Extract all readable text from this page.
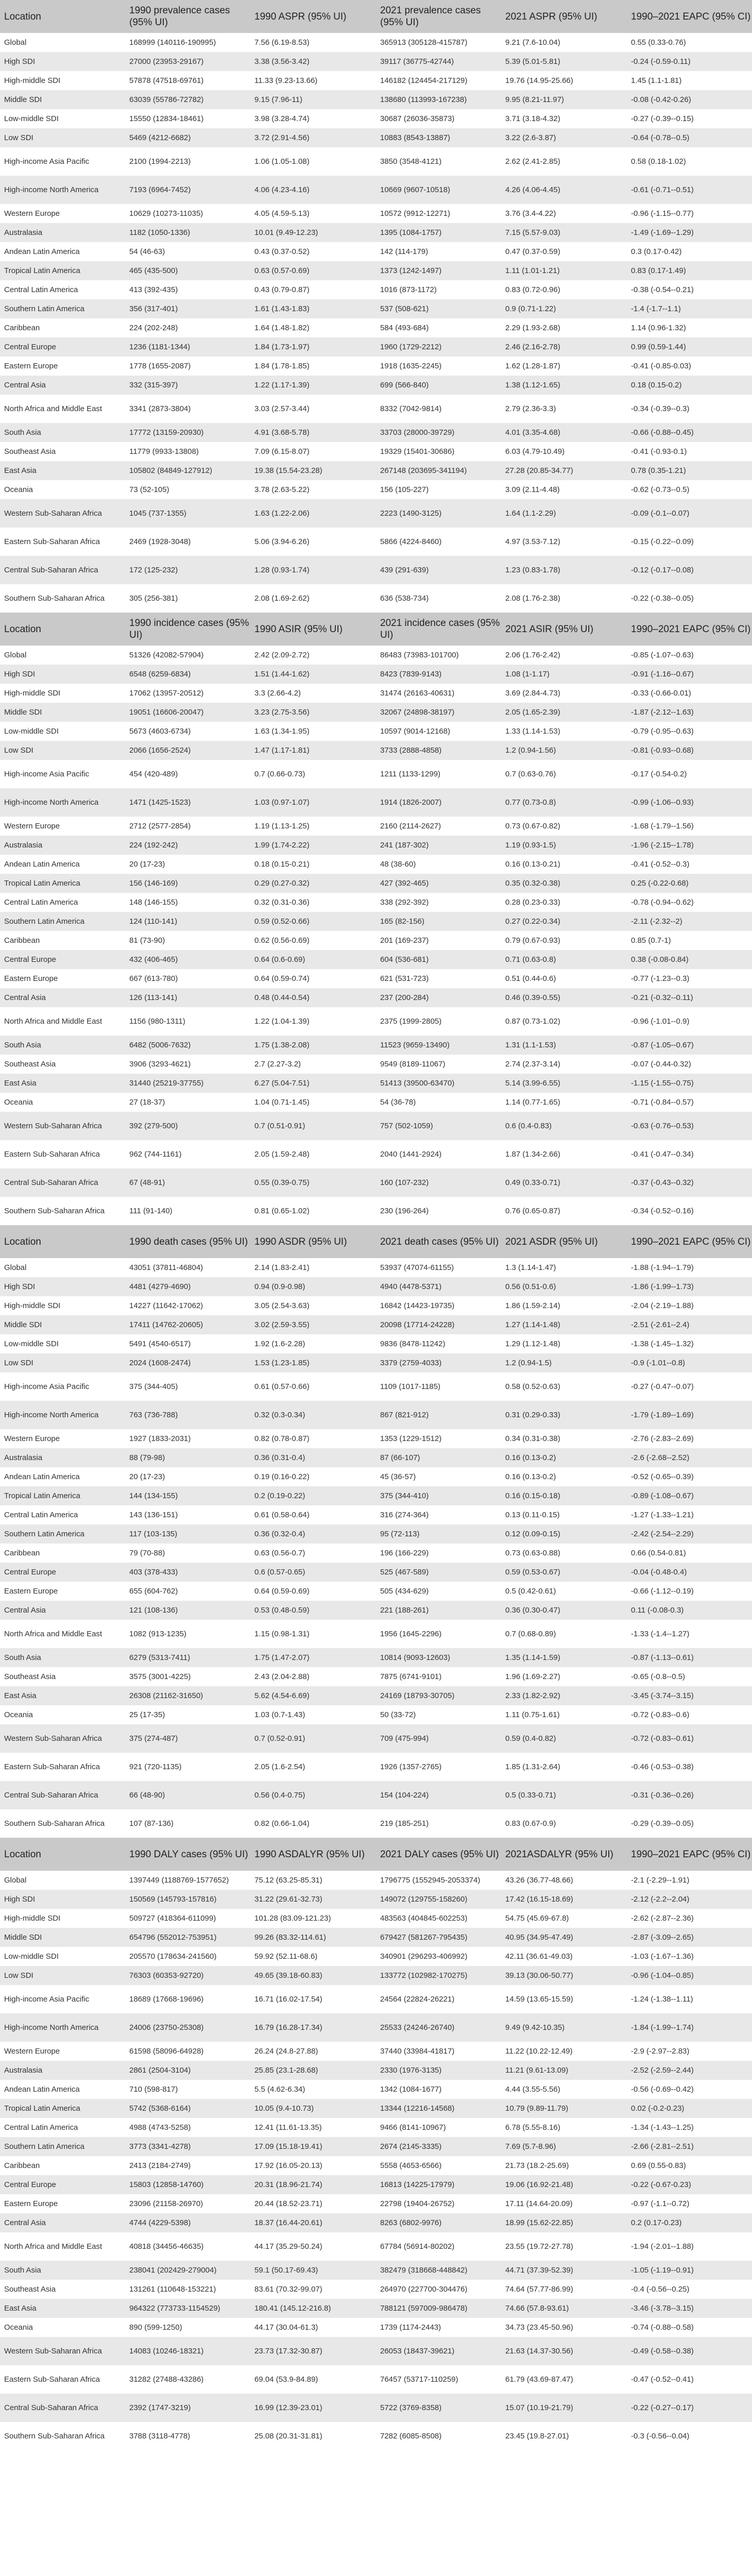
Location	1990 prevalence cases (95% UI)	1990 ASPR (95% UI)	2021 prevalence cases (95% UI)	2021 ASPR (95% UI)	1990–2021 EAPC (95% CI)
Global	168999 (140116-190995)	7.56 (6.19-8.53)	365913 (305128-415787)	9.21 (7.6-10.04)	0.55 (0.33-0.76)
High SDI	27000 (23953-29167)	3.38 (3.56-3.42)	39117 (36775-42744)	5.39 (5.01-5.81)	-0.24 (-0.59-0.11)
High-middle SDI	57878 (47518-69761)	11.33 (9.23-13.66)	146182 (124454-217129)	19.76 (14.95-25.66)	1.45 (1.1-1.81)
Middle SDI	63039 (55786-72782)	9.15 (7.96-11)	138680 (113993-167238)	9.95 (8.21-11.97)	-0.08 (-0.42-0.26)
Low-middle SDI	15550 (12834-18461)	3.98 (3.28-4.74)	30687 (26036-35873)	3.71 (3.18-4.32)	-0.27 (-0.39--0.15)
Low SDI	5469 (4212-6682)	3.72 (2.91-4.56)	10883 (8543-13887)	3.22 (2.6-3.87)	-0.64 (-0.78--0.5)
High-income Asia Pacific	2100 (1994-2213)	1.06 (1.05-1.08)	3850 (3548-4121)	2.62 (2.41-2.85)	0.58 (0.18-1.02)
High-income North America	7193 (6964-7452)	4.06 (4.23-4.16)	10669 (9607-10518)	4.26 (4.06-4.45)	-0.61 (-0.71--0.51)
Western Europe	10629 (10273-11035)	4.05 (4.59-5.13)	10572 (9912-12271)	3.76 (3.4-4.22)	-0.96 (-1.15--0.77)
Australasia	1182 (1050-1336)	10.01 (9.49-12.23)	1395 (1084-1757)	7.15 (5.57-9.03)	-1.49 (-1.69--1.29)
Andean Latin America	54 (46-63)	0.43 (0.37-0.52)	142 (114-179)	0.47 (0.37-0.59)	0.3 (0.17-0.42)
Tropical Latin America	465 (435-500)	0.63 (0.57-0.69)	1373 (1242-1497)	1.11 (1.01-1.21)	0.83 (0.17-1.49)
Central Latin America	413 (392-435)	0.43 (0.79-0.87)	1016 (873-1172)	0.83 (0.72-0.96)	-0.38 (-0.54--0.21)
Southern Latin America	356 (317-401)	1.61 (1.43-1.83)	537 (508-621)	0.9 (0.71-1.22)	-1.4 (-1.7--1.1)
Caribbean	224 (202-248)	1.64 (1.48-1.82)	584 (493-684)	2.29 (1.93-2.68)	1.14 (0.96-1.32)
Central Europe	1236 (1181-1344)	1.84 (1.73-1.97)	1960 (1729-2212)	2.46 (2.16-2.78)	0.99 (0.59-1.44)
Eastern Europe	1778 (1655-2087)	1.84 (1.78-1.85)	1918 (1635-2245)	1.62 (1.28-1.87)	-0.41 (-0.85-0.03)
Central Asia	332 (315-397)	1.22 (1.17-1.39)	699 (566-840)	1.38 (1.12-1.65)	0.18 (0.15-0.2)
North Africa and Middle East	3341 (2873-3804)	3.03 (2.57-3.44)	8332 (7042-9814)	2.79 (2.36-3.3)	-0.34 (-0.39--0.3)
South Asia	17772 (13159-20930)	4.91 (3.68-5.78)	33703 (28000-39729)	4.01 (3.35-4.68)	-0.66 (-0.88--0.45)
Southeast Asia	11779 (9933-13808)	7.09 (6.15-8.07)	19329 (15401-30686)	6.03 (4.79-10.49)	-0.41 (-0.93-0.1)
East Asia	105802 (84849-127912)	19.38 (15.54-23.28)	267148 (203695-341194)	27.28 (20.85-34.77)	0.78 (0.35-1.21)
Oceania	73 (52-105)	3.78 (2.63-5.22)	156 (105-227)	3.09 (2.11-4.48)	-0.62 (-0.73--0.5)
Western Sub-Saharan Africa	1045 (737-1355)	1.63 (1.22-2.06)	2223 (1490-3125)	1.64 (1.1-2.29)	-0.09 (-0.1--0.07)
Eastern Sub-Saharan Africa	2469 (1928-3048)	5.06 (3.94-6.26)	5866 (4224-8460)	4.97 (3.53-7.12)	-0.15 (-0.22--0.09)
Central Sub-Saharan Africa	172 (125-232)	1.28 (0.93-1.74)	439 (291-639)	1.23 (0.83-1.78)	-0.12 (-0.17--0.08)
Southern Sub-Saharan Africa	305 (256-381)	2.08 (1.69-2.62)	636 (538-734)	2.08 (1.76-2.38)	-0.22 (-0.38--0.05)
Location	1990 incidence cases (95% UI)	1990 ASIR (95% UI)	2021 incidence cases (95% UI)	2021 ASIR (95% UI)	1990–2021 EAPC (95% CI)
Global	51326 (42082-57904)	2.42 (2.09-2.72)	86483 (73983-101700)	2.06 (1.76-2.42)	-0.85 (-1.07--0.63)
High SDI	6548 (6259-6834)	1.51 (1.44-1.62)	8423 (7839-9143)	1.08 (1-1.17)	-0.91 (-1.16--0.67)
High-middle SDI	17062 (13957-20512)	3.3 (2.66-4.2)	31474 (26163-40631)	3.69 (2.84-4.73)	-0.33 (-0.66-0.01)
Middle SDI	19051 (16606-20047)	3.23 (2.75-3.56)	32067 (24898-38197)	2.05 (1.65-2.39)	-1.87 (-2.12--1.63)
Low-middle SDI	5673 (4603-6734)	1.63 (1.34-1.95)	10597 (9014-12168)	1.33 (1.14-1.53)	-0.79 (-0.95--0.63)
Low SDI	2066 (1656-2524)	1.47 (1.17-1.81)	3733 (2888-4858)	1.2 (0.94-1.56)	-0.81 (-0.93--0.68)
High-income Asia Pacific	454 (420-489)	0.7 (0.66-0.73)	1211 (1133-1299)	0.7 (0.63-0.76)	-0.17 (-0.54-0.2)
High-income North America	1471 (1425-1523)	1.03 (0.97-1.07)	1914 (1826-2007)	0.77 (0.73-0.8)	-0.99 (-1.06--0.93)
Western Europe	2712 (2577-2854)	1.19 (1.13-1.25)	2160 (2114-2627)	0.73 (0.67-0.82)	-1.68 (-1.79--1.56)
Australasia	224 (192-242)	1.99 (1.74-2.22)	241 (187-302)	1.19 (0.93-1.5)	-1.96 (-2.15--1.78)
Andean Latin America	20 (17-23)	0.18 (0.15-0.21)	48 (38-60)	0.16 (0.13-0.21)	-0.41 (-0.52--0.3)
Tropical Latin America	156 (146-169)	0.29 (0.27-0.32)	427 (392-465)	0.35 (0.32-0.38)	0.25 (-0.22-0.68)
Central Latin America	148 (146-155)	0.32 (0.31-0.36)	338 (292-392)	0.28 (0.23-0.33)	-0.78 (-0.94--0.62)
Southern Latin America	124 (110-141)	0.59 (0.52-0.66)	165 (82-156)	0.27 (0.22-0.34)	-2.11 (-2.32--2)
Caribbean	81 (73-90)	0.62 (0.56-0.69)	201 (169-237)	0.79 (0.67-0.93)	0.85 (0.7-1)
Central Europe	432 (406-465)	0.64 (0.6-0.69)	604 (536-681)	0.71 (0.63-0.8)	0.38 (-0.08-0.84)
Eastern Europe	667 (613-780)	0.64 (0.59-0.74)	621 (531-723)	0.51 (0.44-0.6)	-0.77 (-1.23--0.3)
Central Asia	126 (113-141)	0.48 (0.44-0.54)	237 (200-284)	0.46 (0.39-0.55)	-0.21 (-0.32--0.11)
North Africa and Middle East	1156 (980-1311)	1.22 (1.04-1.39)	2375 (1999-2805)	0.87 (0.73-1.02)	-0.96 (-1.01--0.9)
South Asia	6482 (5006-7632)	1.75 (1.38-2.08)	11523 (9659-13490)	1.31 (1.1-1.53)	-0.87 (-1.05--0.67)
Southeast Asia	3906 (3293-4621)	2.7 (2.27-3.2)	9549 (8189-11067)	2.74 (2.37-3.14)	-0.07 (-0.44-0.32)
East Asia	31440 (25219-37755)	6.27 (5.04-7.51)	51413 (39500-63470)	5.14 (3.99-6.55)	-1.15 (-1.55--0.75)
Oceania	27 (18-37)	1.04 (0.71-1.45)	54 (36-78)	1.14 (0.77-1.65)	-0.71 (-0.84--0.57)
Western Sub-Saharan Africa	392 (279-500)	0.7 (0.51-0.91)	757 (502-1059)	0.6 (0.4-0.83)	-0.63 (-0.76--0.53)
Eastern Sub-Saharan Africa	962 (744-1161)	2.05 (1.59-2.48)	2040 (1441-2924)	1.87 (1.34-2.66)	-0.41 (-0.47--0.34)
Central Sub-Saharan Africa	67 (48-91)	0.55 (0.39-0.75)	160 (107-232)	0.49 (0.33-0.71)	-0.37 (-0.43--0.32)
Southern Sub-Saharan Africa	111 (91-140)	0.81 (0.65-1.02)	230 (196-264)	0.76 (0.65-0.87)	-0.34 (-0.52--0.16)
Location	1990 death cases (95% UI)	1990 ASDR (95% UI)	2021 death cases (95% UI)	2021 ASDR (95% UI)	1990–2021 EAPC (95% CI)
Global	43051 (37811-46804)	2.14 (1.83-2.41)	53937 (47074-61155)	1.3 (1.14-1.47)	-1.88 (-1.94--1.79)
High SDI	4481 (4279-4690)	0.94 (0.9-0.98)	4940 (4478-5371)	0.56 (0.51-0.6)	-1.86 (-1.99--1.73)
High-middle SDI	14227 (11642-17062)	3.05 (2.54-3.63)	16842 (14423-19735)	1.86 (1.59-2.14)	-2.04 (-2.19--1.88)
Middle SDI	17411 (14762-20605)	3.02 (2.59-3.55)	20098 (17714-24228)	1.27 (1.14-1.48)	-2.51 (-2.61--2.4)
Low-middle SDI	5491 (4540-6517)	1.92 (1.6-2.28)	9836 (8478-11242)	1.29 (1.12-1.48)	-1.38 (-1.45--1.32)
Low SDI	2024 (1608-2474)	1.53 (1.23-1.85)	3379 (2759-4033)	1.2 (0.94-1.5)	-0.9 (-1.01--0.8)
High-income Asia Pacific	375 (344-405)	0.61 (0.57-0.66)	1109 (1017-1185)	0.58 (0.52-0.63)	-0.27 (-0.47--0.07)
High-income North America	763 (736-788)	0.32 (0.3-0.34)	867 (821-912)	0.31 (0.29-0.33)	-1.79 (-1.89--1.69)
Western Europe	1927 (1833-2031)	0.82 (0.78-0.87)	1353 (1229-1512)	0.34 (0.31-0.38)	-2.76 (-2.83--2.69)
Australasia	88 (79-98)	0.36 (0.31-0.4)	87 (66-107)	0.16 (0.13-0.2)	-2.6 (-2.68--2.52)
Andean Latin America	20 (17-23)	0.19 (0.16-0.22)	45 (36-57)	0.16 (0.13-0.2)	-0.52 (-0.65--0.39)
Tropical Latin America	144 (134-155)	0.2 (0.19-0.22)	375 (344-410)	0.16 (0.15-0.18)	-0.89 (-1.08--0.67)
Central Latin America	143 (136-151)	0.61 (0.58-0.64)	316 (274-364)	0.13 (0.11-0.15)	-1.27 (-1.33--1.21)
Southern Latin America	117 (103-135)	0.36 (0.32-0.4)	95 (72-113)	0.12 (0.09-0.15)	-2.42 (-2.54--2.29)
Caribbean	79 (70-88)	0.63 (0.56-0.7)	196 (166-229)	0.73 (0.63-0.88)	0.66 (0.54-0.81)
Central Europe	403 (378-433)	0.6 (0.57-0.65)	525 (467-589)	0.59 (0.53-0.67)	-0.04 (-0.48-0.4)
Eastern Europe	655 (604-762)	0.64 (0.59-0.69)	505 (434-629)	0.5 (0.42-0.61)	-0.66 (-1.12--0.19)
Central Asia	121 (108-136)	0.53 (0.48-0.59)	221 (188-261)	0.36 (0.30-0.47)	0.11 (-0.08-0.3)
North Africa and Middle East	1082 (913-1235)	1.15 (0.98-1.31)	1956 (1645-2296)	0.7 (0.68-0.89)	-1.33 (-1.4--1.27)
South Asia	6279 (5313-7411)	1.75 (1.47-2.07)	10814 (9093-12603)	1.35 (1.14-1.59)	-0.87 (-1.13--0.61)
Southeast Asia	3575 (3001-4225)	2.43 (2.04-2.88)	7875 (6741-9101)	1.96 (1.69-2.27)	-0.65 (-0.8--0.5)
East Asia	26308 (21162-31650)	5.62 (4.54-6.69)	24169 (18793-30705)	2.33 (1.82-2.92)	-3.45 (-3.74--3.15)
Oceania	25 (17-35)	1.03 (0.7-1.43)	50 (33-72)	1.11 (0.75-1.61)	-0.72 (-0.83--0.6)
Western Sub-Saharan Africa	375 (274-487)	0.7 (0.52-0.91)	709 (475-994)	0.59 (0.4-0.82)	-0.72 (-0.83--0.61)
Eastern Sub-Saharan Africa	921 (720-1135)	2.05 (1.6-2.54)	1926 (1357-2765)	1.85 (1.31-2.64)	-0.46 (-0.53--0.38)
Central Sub-Saharan Africa	66 (48-90)	0.56 (0.4-0.75)	154 (104-224)	0.5 (0.33-0.71)	-0.31 (-0.36--0.26)
Southern Sub-Saharan Africa	107 (87-136)	0.82 (0.66-1.04)	219 (185-251)	0.83 (0.67-0.9)	-0.29 (-0.39--0.05)
Location	1990 DALY cases (95% UI)	1990 ASDALYR (95% UI)	2021 DALY cases (95% UI)	2021ASDALYR (95% UI)	1990–2021 EAPC (95% CI)
Global	1397449 (1188769-1577652)	75.12 (63.25-85.31)	1796775 (1552945-2053374)	43.26 (36.77-48.66)	-2.1 (-2.29--1.91)
High SDI	150569 (145793-157816)	31.22 (29.61-32.73)	149072 (129755-158260)	17.42 (16.15-18.69)	-2.12 (-2.2--2.04)
High-middle SDI	509727 (418364-611099)	101.28 (83.09-121.23)	483563 (404845-602253)	54.75 (45.69-67.8)	-2.62 (-2.87--2.36)
Middle SDI	654796 (552012-753951)	99.26 (83.32-114.61)	679427 (581267-795435)	40.95 (34.95-47.49)	-2.87 (-3.09--2.65)
Low-middle SDI	205570 (178634-241560)	59.92 (52.11-68.6)	340901 (296293-406992)	42.11 (36.61-49.03)	-1.03 (-1.67--1.36)
Low SDI	76303 (60353-92720)	49.65 (39.18-60.83)	133772 (102982-170275)	39.13 (30.06-50.77)	-0.96 (-1.04--0.85)
High-income Asia Pacific	18689 (17668-19696)	16.71 (16.02-17.54)	24564 (22824-26221)	14.59 (13.65-15.59)	-1.24 (-1.38--1.11)
High-income North America	24006 (23750-25308)	16.79 (16.28-17.34)	25533 (24246-26740)	9.49 (9.42-10.35)	-1.84 (-1.99--1.74)
Western Europe	61598 (58096-64928)	26.24 (24.8-27.88)	37440 (33984-41817)	11.22 (10.22-12.49)	-2.9 (-2.97--2.83)
Australasia	2861 (2504-3104)	25.85 (23.1-28.68)	2330 (1976-3135)	11.21 (9.61-13.09)	-2.52 (-2.59--2.44)
Andean Latin America	710 (598-817)	5.5 (4.62-6.34)	1342 (1084-1677)	4.44 (3.55-5.56)	-0.56 (-0.69--0.42)
Tropical Latin America	5742 (5368-6164)	10.05 (9.4-10.73)	13344 (12216-14568)	10.79 (9.89-11.79)	0.02 (-0.2-0.23)
Central Latin America	4988 (4743-5258)	12.41 (11.61-13.35)	9466 (8141-10967)	6.78 (5.55-8.16)	-1.34 (-1.43--1.25)
Southern Latin America	3773 (3341-4278)	17.09 (15.18-19.41)	2674 (2145-3335)	7.69 (5.7-8.96)	-2.66 (-2.81--2.51)
Caribbean	2413 (2184-2749)	17.92 (16.05-20.13)	5558 (4653-6566)	21.73 (18.2-25.69)	0.69 (0.55-0.83)
Central Europe	15803 (12858-14760)	20.31 (18.96-21.74)	16813 (14225-17979)	19.06 (16.92-21.48)	-0.22 (-0.67-0.23)
Eastern Europe	23096 (21158-26970)	20.44 (18.52-23.71)	22798 (19404-26752)	17.11 (14.64-20.09)	-0.97 (-1.1--0.72)
Central Asia	4744 (4229-5398)	18.37 (16.44-20.61)	8263 (6802-9976)	18.99 (15.62-22.85)	0.2 (0.17-0.23)
North Africa and Middle East	40818 (34456-46635)	44.17 (35.29-50.24)	67784 (56914-80202)	23.55 (19.72-27.78)	-1.94 (-2.01--1.88)
South Asia	238041 (202429-279004)	59.1 (50.17-69.43)	382479 (318668-448842)	44.71 (37.39-52.39)	-1.05 (-1.19--0.91)
Southeast Asia	131261 (110648-153221)	83.61 (70.32-99.07)	264970 (227700-304476)	74.64 (57.77-86.99)	-0.4 (-0.56--0.25)
East Asia	964322 (773733-1154529)	180.41 (145.12-216.8)	788121 (597009-986478)	74.66 (57.8-93.61)	-3.46 (-3.78--3.15)
Oceania	890 (599-1250)	44.17 (30.04-61.3)	1739 (1174-2443)	34.73 (23.45-50.96)	-0.74 (-0.88--0.58)
Western Sub-Saharan Africa	14083 (10246-18321)	23.73 (17.32-30.87)	26053 (18437-39621)	21.63 (14.37-30.56)	-0.49 (-0.58--0.38)
Eastern Sub-Saharan Africa	31282 (27488-43286)	69.04 (53.9-84.89)	76457 (53717-110259)	61.79 (43.69-87.47)	-0.47 (-0.52--0.41)
Central Sub-Saharan Africa	2392 (1747-3219)	16.99 (12.39-23.01)	5722 (3769-8358)	15.07 (10.19-21.79)	-0.22 (-0.27--0.17)
Southern Sub-Saharan Africa	3788 (3118-4778)	25.08 (20.31-31.81)	7282 (6085-8508)	23.45 (19.8-27.01)	-0.3 (-0.56--0.04)
